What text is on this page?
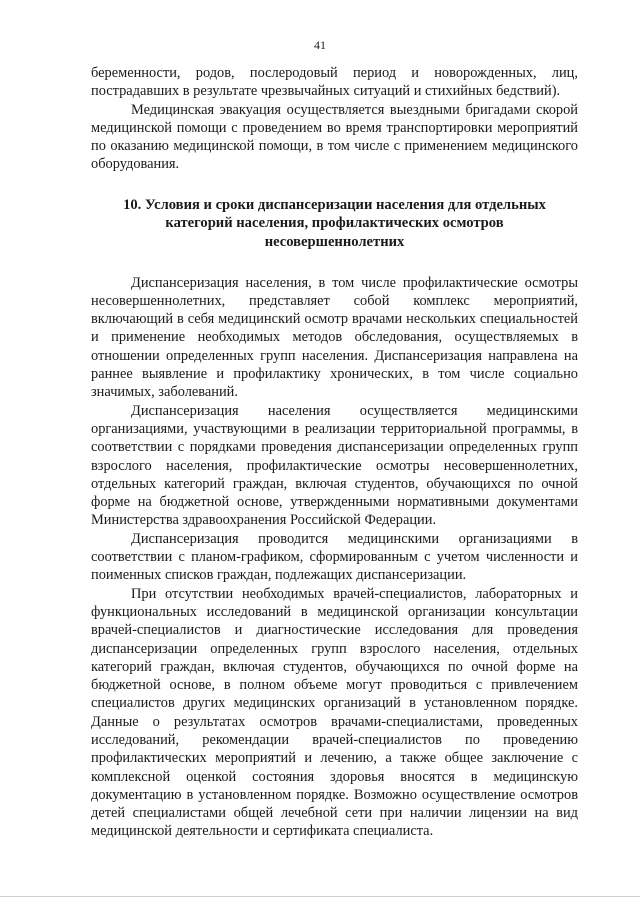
41

беременности, родов, послеродовый период и новорожденных, лиц, пострадавших в результате чрезвычайных ситуаций и стихийных бедствий).

Медицинская эвакуация осуществляется выездными бригадами скорой медицинской помощи с проведением во время транспортировки мероприятий по оказанию медицинской помощи, в том числе с применением медицинского оборудования.

10. Условия и сроки диспансеризации населения для отдельных категорий населения, профилактических осмотров несовершеннолетних

Диспансеризация населения, в том числе профилактические осмотры несовершеннолетних, представляет собой комплекс мероприятий, включающий в себя медицинский осмотр врачами нескольких специальностей и применение необходимых методов обследования, осуществляемых в отношении определенных групп населения. Диспансеризация направлена на раннее выявление и профилактику хронических, в том числе социально значимых, заболеваний.

Диспансеризация населения осуществляется медицинскими организациями, участвующими в реализации территориальной программы, в соответствии с порядками проведения диспансеризации определенных групп взрослого населения, профилактические осмотры несовершеннолетних, отдельных категорий граждан, включая студентов, обучающихся по очной форме на бюджетной основе, утвержденными нормативными документами Министерства здравоохранения Российской Федерации.

Диспансеризация проводится медицинскими организациями в соответствии с планом-графиком, сформированным с учетом численности и поименных списков граждан, подлежащих диспансеризации.

При отсутствии необходимых врачей-специалистов, лабораторных и функциональных исследований в медицинской организации консультации врачей-специалистов и диагностические исследования для проведения диспансеризации определенных групп взрослого населения, отдельных категорий граждан, включая студентов, обучающихся по очной форме на бюджетной основе, в полном объеме могут проводиться с привлечением специалистов других медицинских организаций в установленном порядке. Данные о результатах осмотров врачами-специалистами, проведенных исследований, рекомендации врачей-специалистов по проведению профилактических мероприятий и лечению, а также общее заключение с комплексной оценкой состояния здоровья вносятся в медицинскую документацию в установленном порядке. Возможно осуществление осмотров детей специалистами общей лечебной сети при наличии лицензии на вид медицинской деятельности и сертификата специалиста.
